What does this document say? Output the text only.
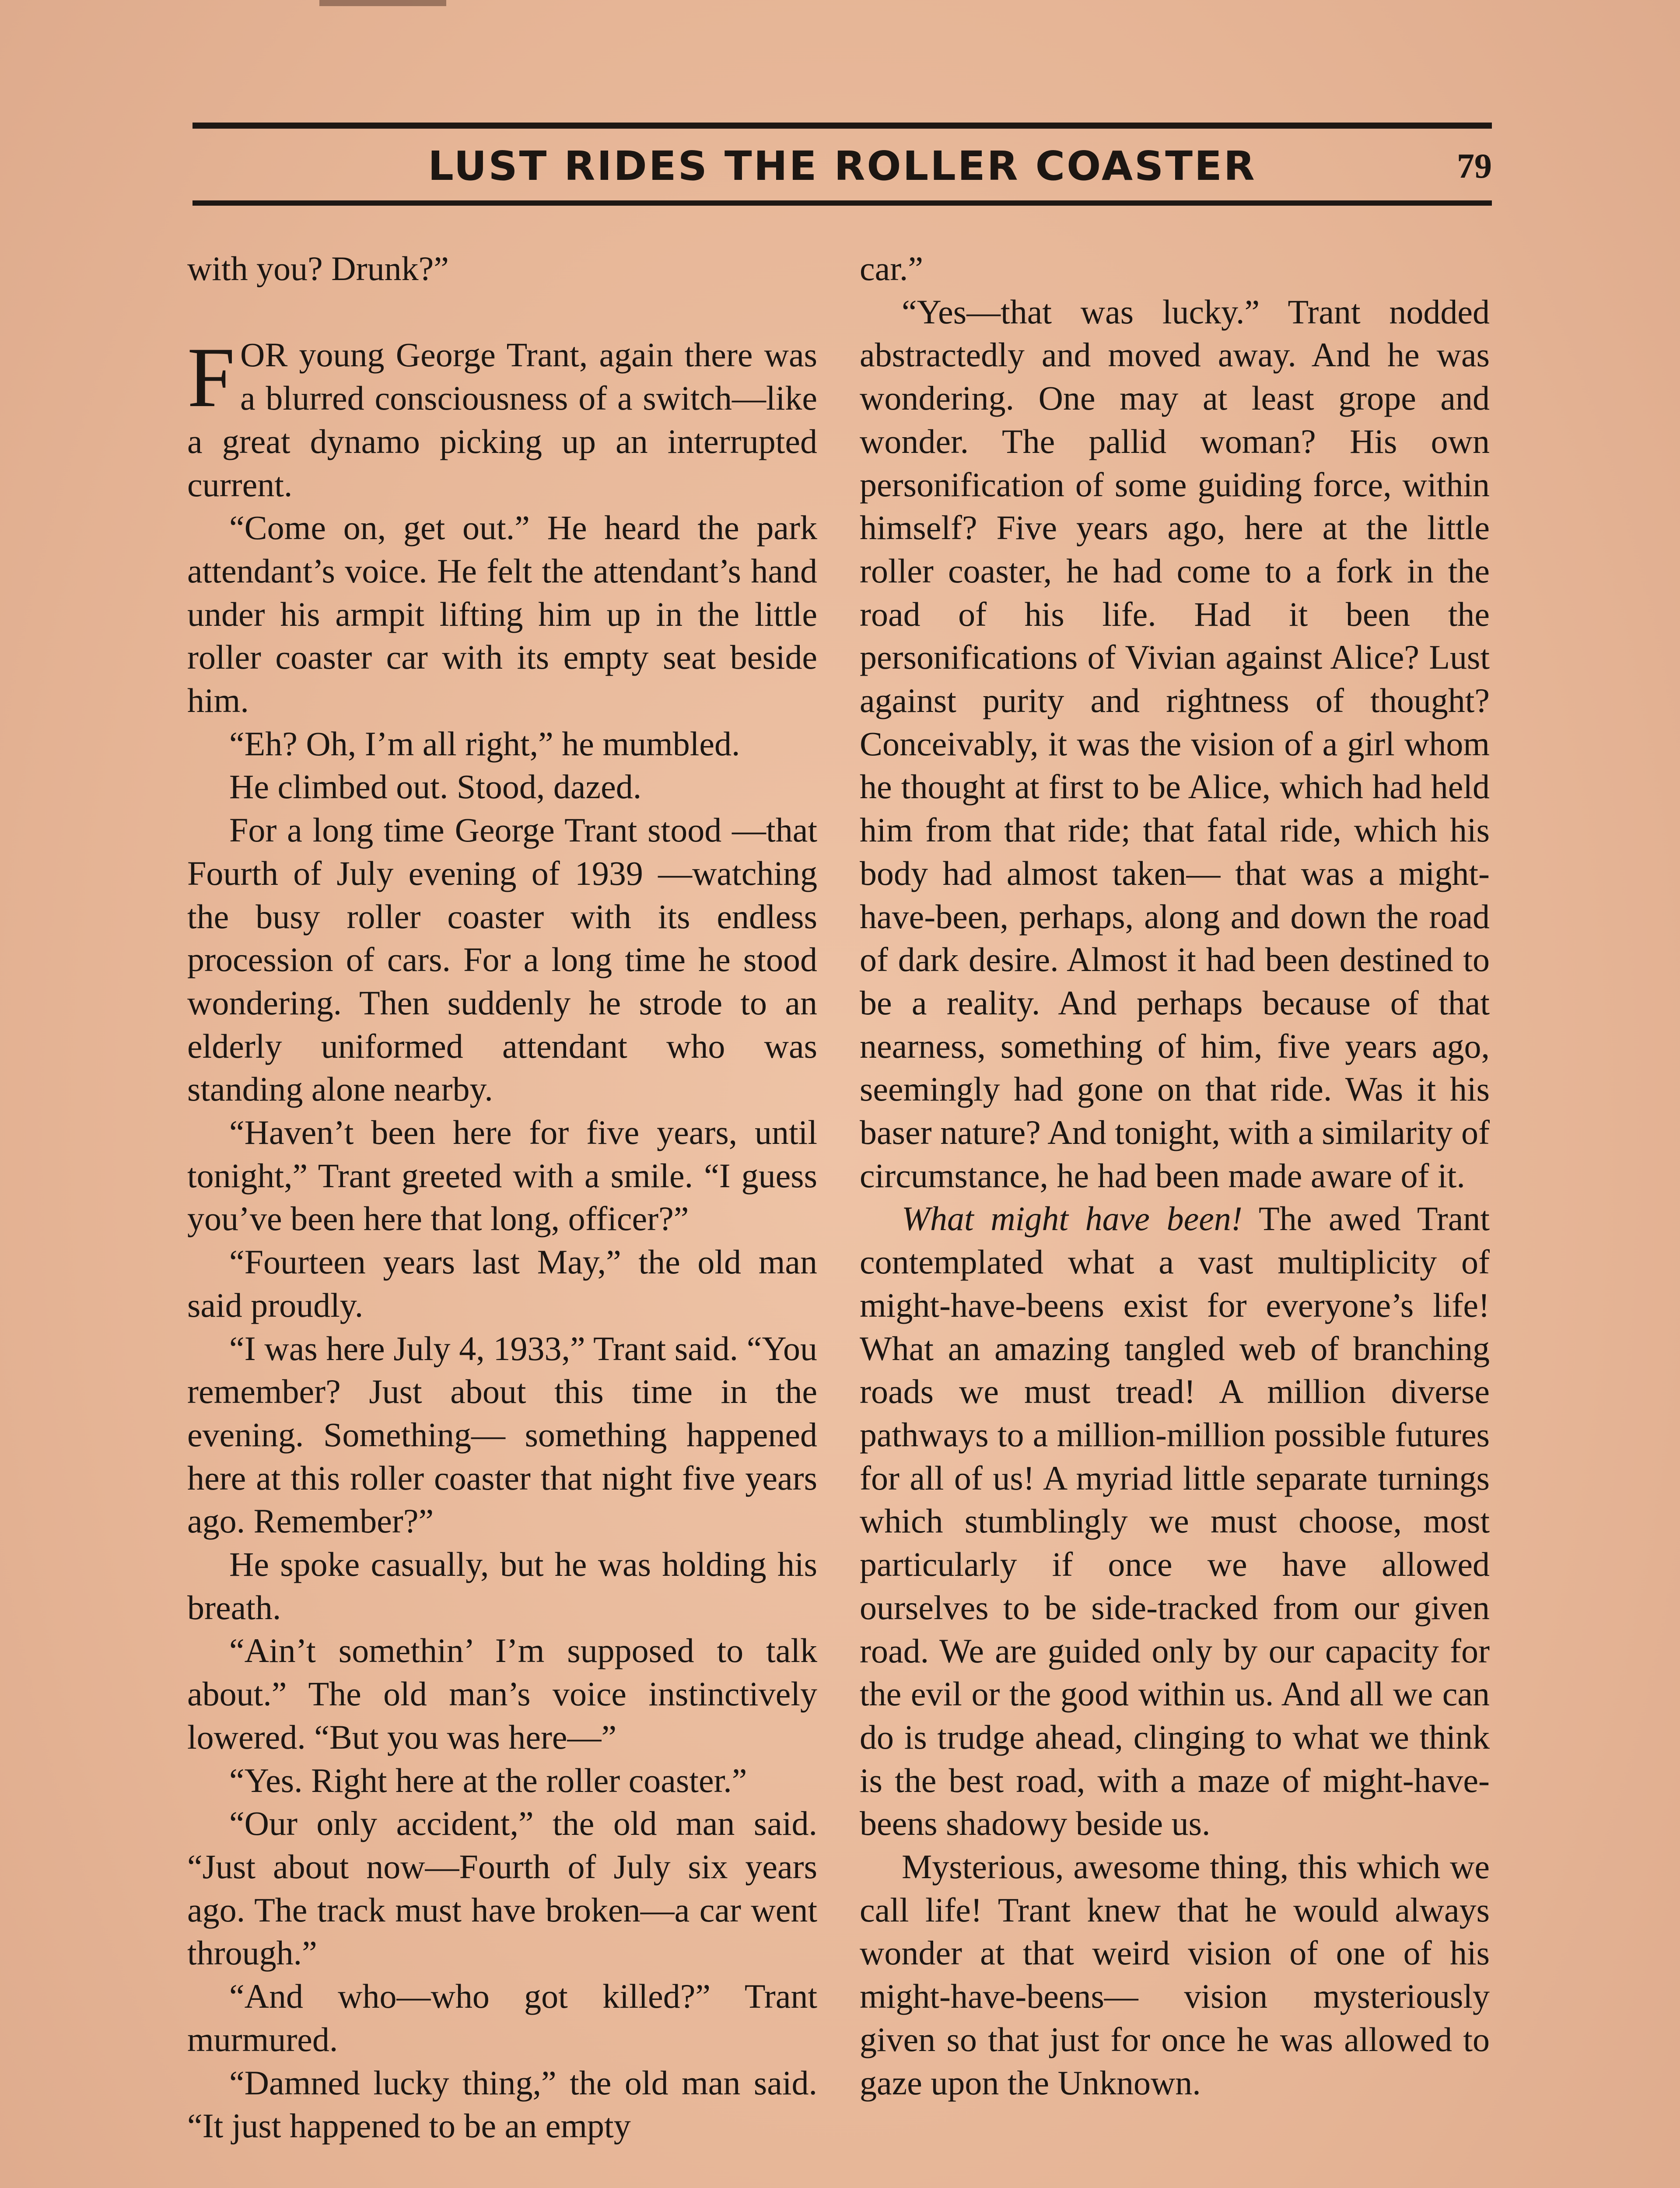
LUST RIDES THE ROLLER COASTER	79

with you? Drunk?”

FOR young George Trant, again there was a blurred consciousness of a switch—like a great dynamo picking up an interrupted current.

“Come on, get out.” He heard the park attendant’s voice. He felt the attendant’s hand under his armpit lifting him up in the little roller coaster car with its empty seat beside him.

“Eh? Oh, I’m all right,” he mumbled.

He climbed out. Stood, dazed.

For a long time George Trant stood —that Fourth of July evening of 1939 —watching the busy roller coaster with its endless procession of cars. For a long time he stood wondering. Then suddenly he strode to an elderly uniformed attendant who was standing alone nearby.

“Haven’t been here for five years, until tonight,” Trant greeted with a smile. “I guess you’ve been here that long, officer?”

“Fourteen years last May,” the old man said proudly.

“I was here July 4, 1933,” Trant said. “You remember? Just about this time in the evening. Something— something happened here at this roller coaster that night five years ago. Remember?”

He spoke casually, but he was holding his breath.

“Ain’t somethin’ I’m supposed to talk about.” The old man’s voice instinctively lowered. “But you was here—”

“Yes. Right here at the roller coaster.”

“Our only accident,” the old man said. “Just about now—Fourth of July six years ago. The track must have broken—a car went through.”

“And who—who got killed?” Trant murmured.

“Damned lucky thing,” the old man said. “It just happened to be an empty

car.”

“Yes—that was lucky.” Trant nodded abstractedly and moved away. And he was wondering. One may at least grope and wonder. The pallid woman? His own personification of some guiding force, within himself? Five years ago, here at the little roller coaster, he had come to a fork in the road of his life. Had it been the personifications of Vivian against Alice? Lust against purity and rightness of thought? Conceivably, it was the vision of a girl whom he thought at first to be Alice, which had held him from that ride; that fatal ride, which his body had almost taken— that was a might-have-been, perhaps, along and down the road of dark desire. Almost it had been destined to be a reality. And perhaps because of that nearness, something of him, five years ago, seemingly had gone on that ride. Was it his baser nature? And tonight, with a similarity of circumstance, he had been made aware of it.

What might have been! The awed Trant contemplated what a vast multiplicity of might-have-beens exist for everyone’s life! What an amazing tangled web of branching roads we must tread! A million diverse pathways to a million-million possible futures for all of us! A myriad little separate turnings which stumblingly we must choose, most particularly if once we have allowed ourselves to be side-tracked from our given road. We are guided only by our capacity for the evil or the good within us. And all we can do is trudge ahead, clinging to what we think is the best road, with a maze of might-havebeens shadowy beside us.

Mysterious, awesome thing, this which we call life! Trant knew that he would always wonder at that weird vision of one of his might-have-beens— vision mysteriously given so that just for once he was allowed to gaze upon the Unknown.
